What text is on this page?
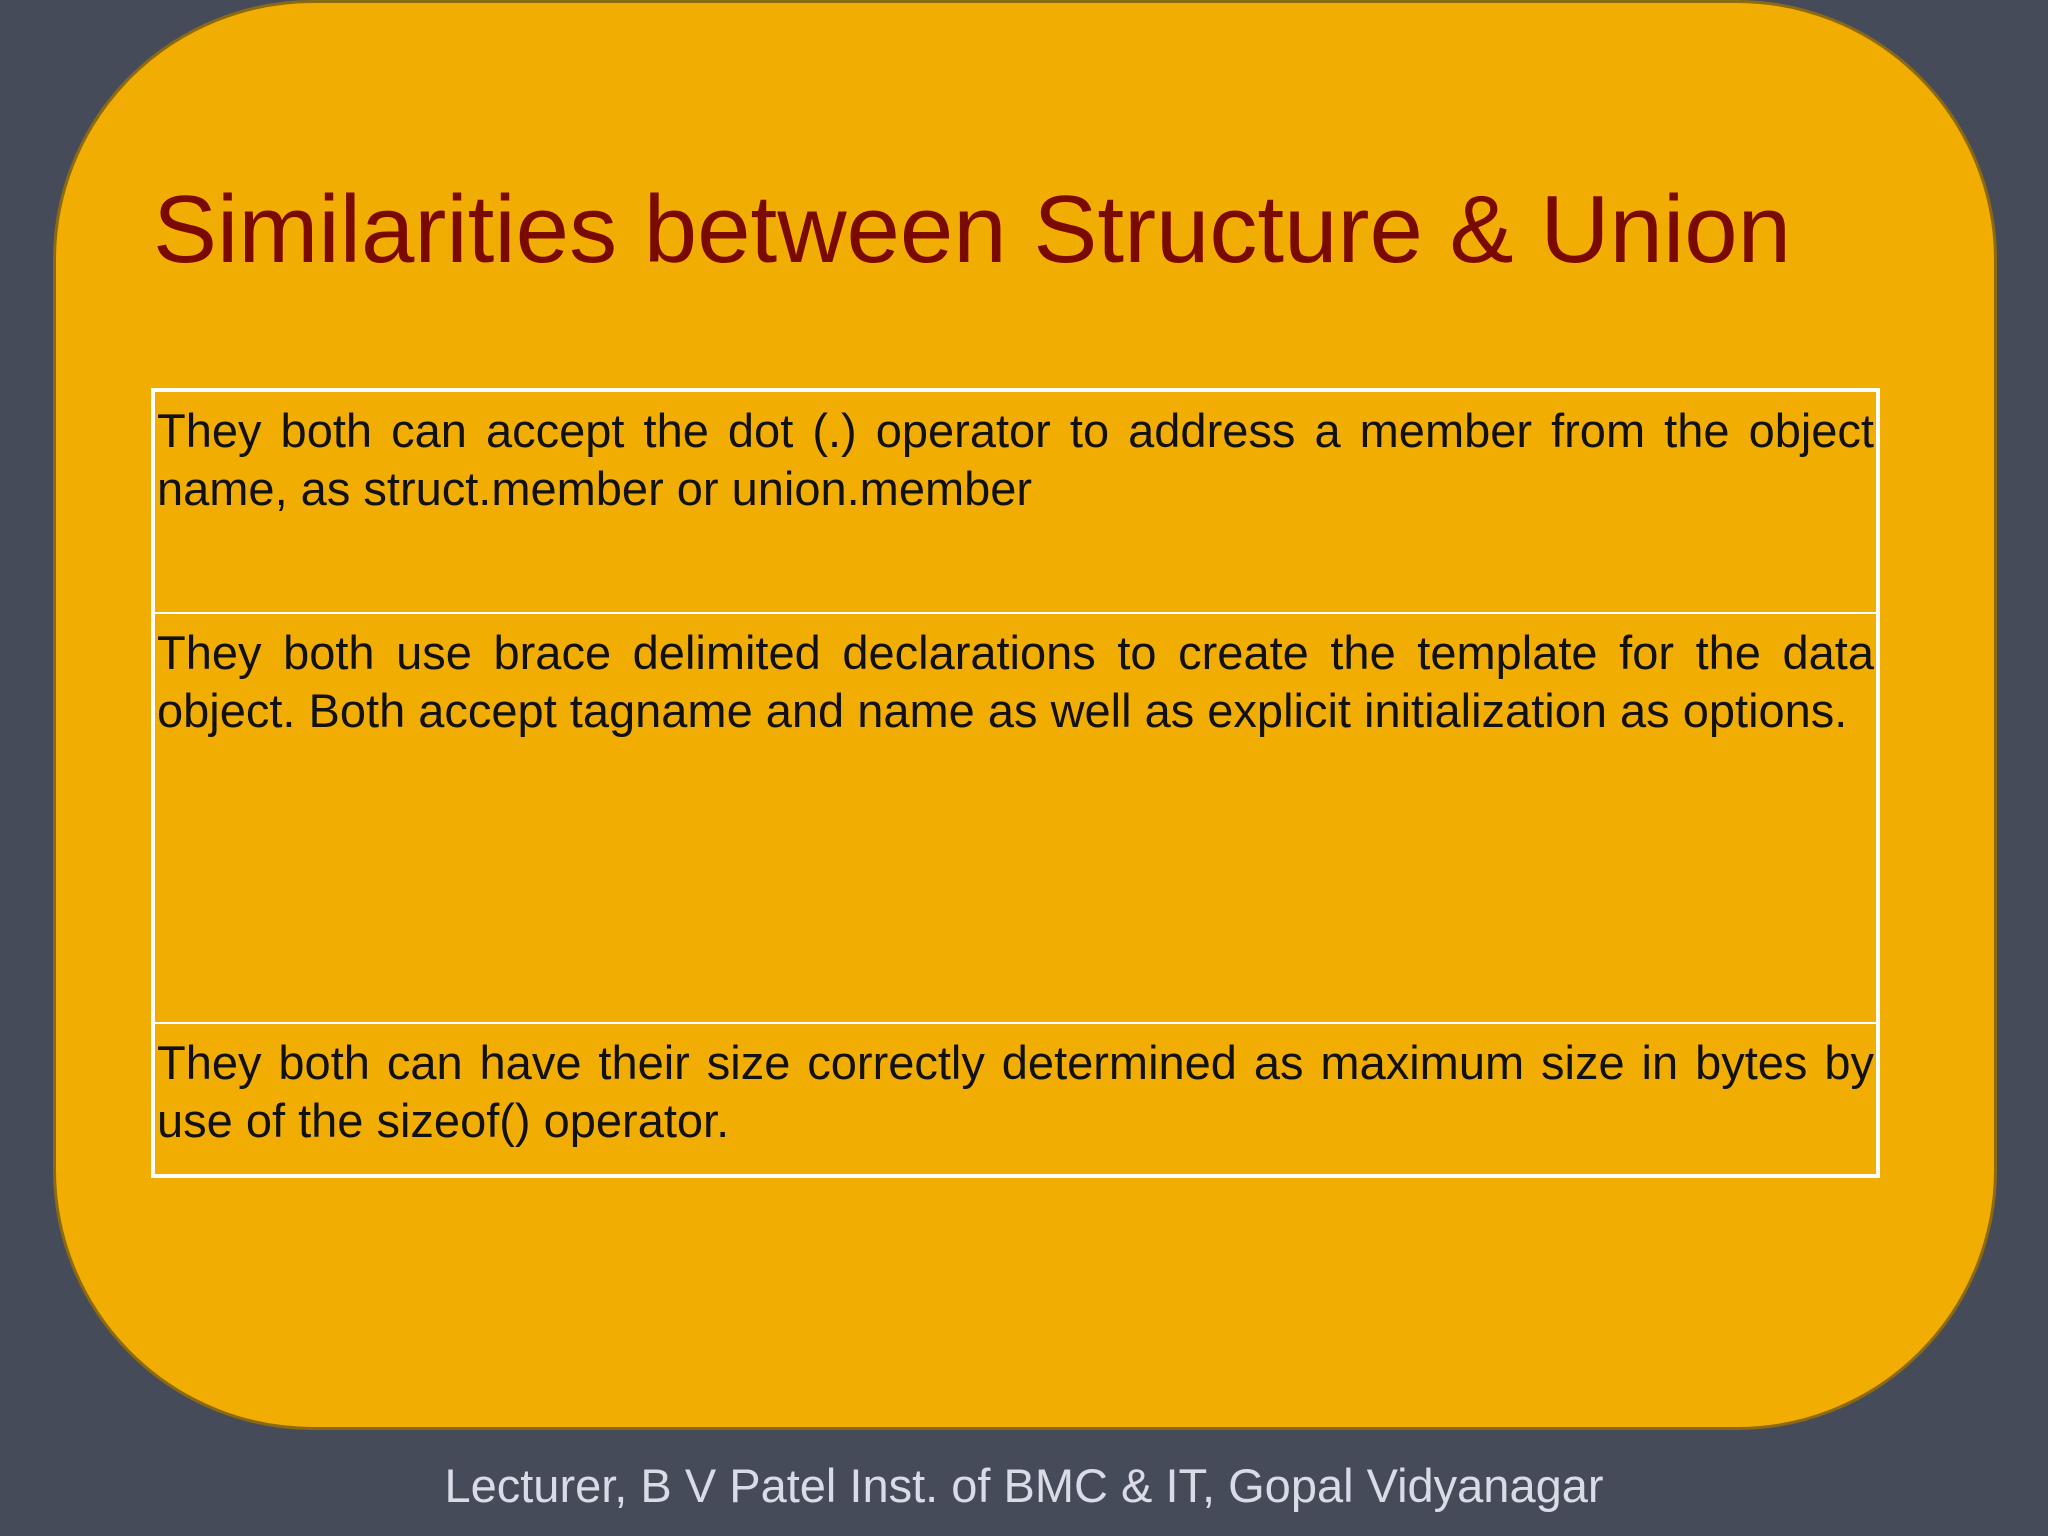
Similarities between Structure & Union
They both can accept the dot (.) operator to address a member from the object name, as struct.member or union.member
They both use brace delimited declarations to create the template for the data object. Both accept tagname and name as well as explicit initialization as options.
They both can have their size correctly determined as maximum size in bytes by use of the sizeof() operator.
Lecturer, B V Patel Inst. of BMC & IT, Gopal Vidyanagar
